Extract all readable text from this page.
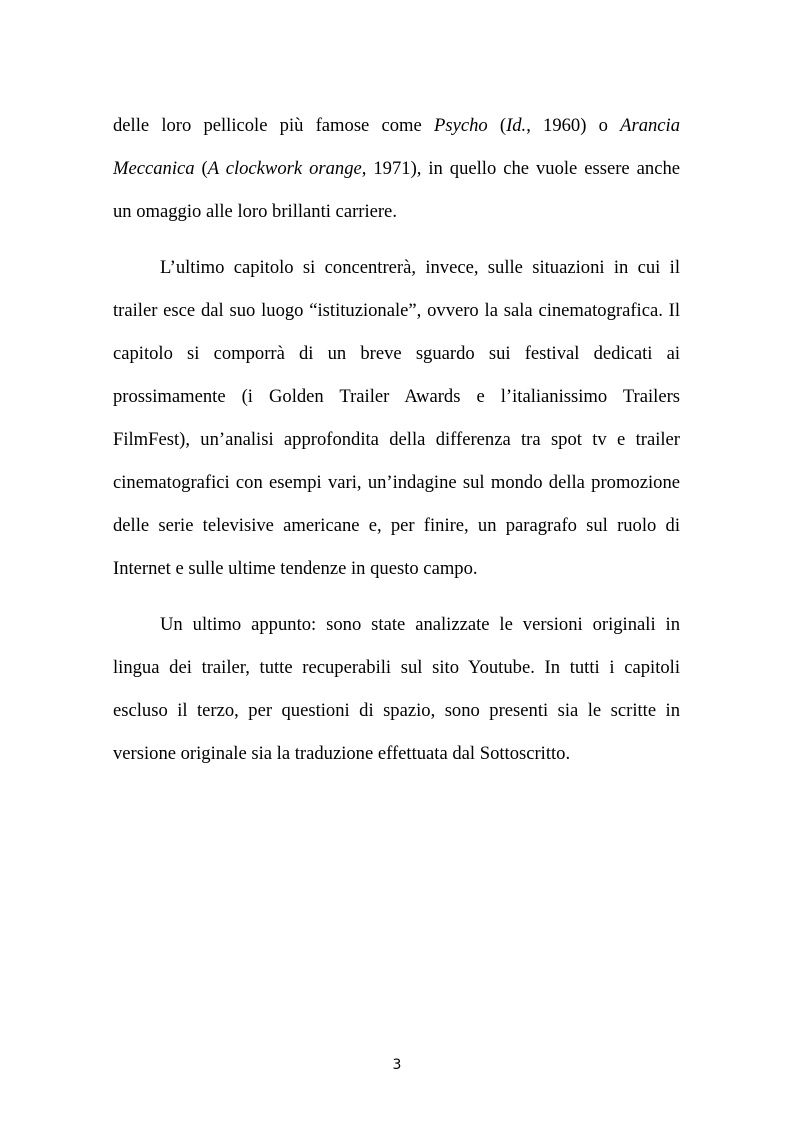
delle loro pellicole più famose come Psycho (Id., 1960) o Arancia Meccanica (A clockwork orange, 1971), in quello che vuole essere anche un omaggio alle loro brillanti carriere.

L’ultimo capitolo si concentrerà, invece, sulle situazioni in cui il trailer esce dal suo luogo “istituzionale”, ovvero la sala cinematografica. Il capitolo si comporrà di un breve sguardo sui festival dedicati ai prossimamente (i Golden Trailer Awards e l’italianissimo Trailers FilmFest), un’analisi approfondita della differenza tra spot tv e trailer cinematografici con esempi vari, un’indagine sul mondo della promozione delle serie televisive americane e, per finire, un paragrafo sul ruolo di Internet e sulle ultime tendenze in questo campo.

Un ultimo appunto: sono state analizzate le versioni originali in lingua dei trailer, tutte recuperabili sul sito Youtube. In tutti i capitoli escluso il terzo, per questioni di spazio, sono presenti sia le scritte in versione originale sia la traduzione effettuata dal Sottoscritto.

3
